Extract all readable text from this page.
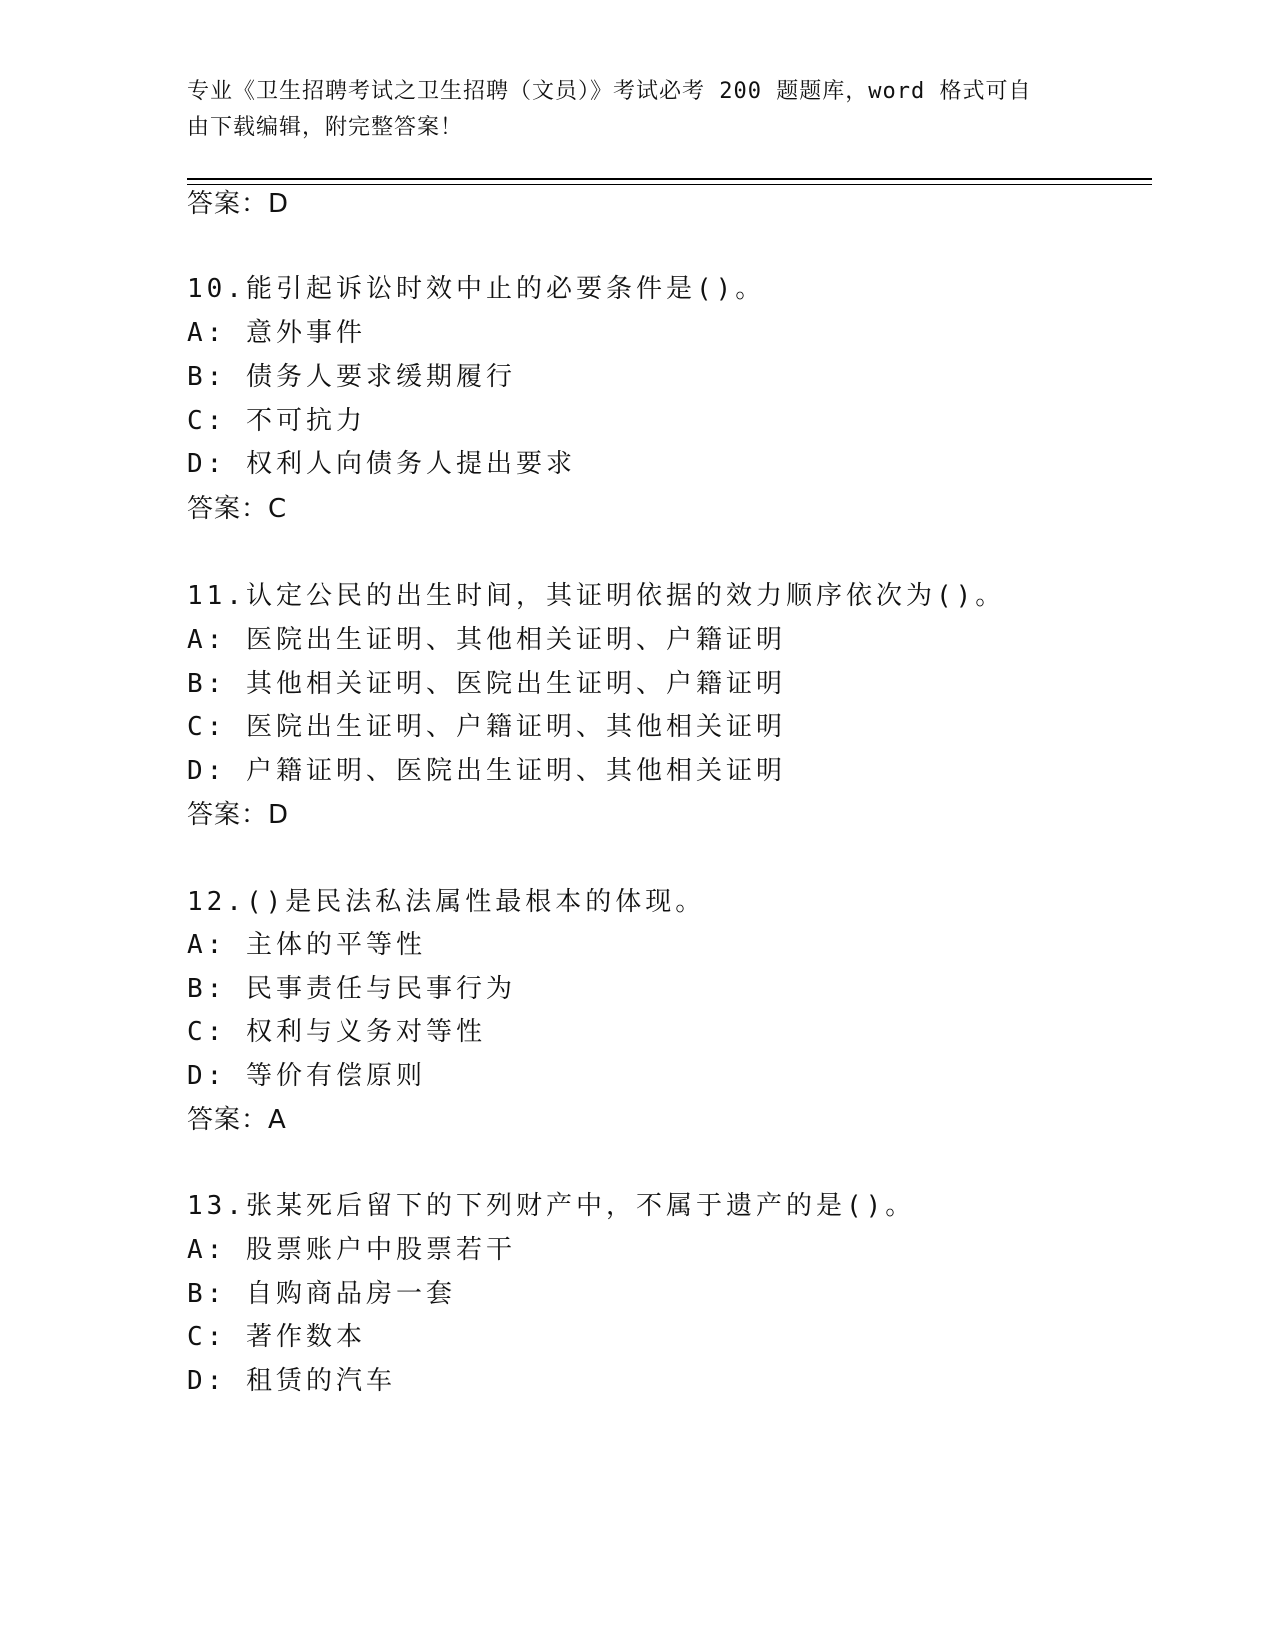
专业《卫生招聘考试之卫生招聘（文员）》考试必考 200 题题库，word 格式可自
由下载编辑，附完整答案！
答案：D
10.能引起诉讼时效中止的必要条件是()。
A: 意外事件
B: 债务人要求缓期履行
C: 不可抗力
D: 权利人向债务人提出要求
答案：C
11.认定公民的出生时间，其证明依据的效力顺序依次为()。
A: 医院出生证明、其他相关证明、户籍证明
B: 其他相关证明、医院出生证明、户籍证明
C: 医院出生证明、户籍证明、其他相关证明
D: 户籍证明、医院出生证明、其他相关证明
答案：D
12.()是民法私法属性最根本的体现。
A: 主体的平等性
B: 民事责任与民事行为
C: 权利与义务对等性
D: 等价有偿原则
答案：A
13.张某死后留下的下列财产中，不属于遗产的是()。
A: 股票账户中股票若干
B: 自购商品房一套
C: 著作数本
D: 租赁的汽车
